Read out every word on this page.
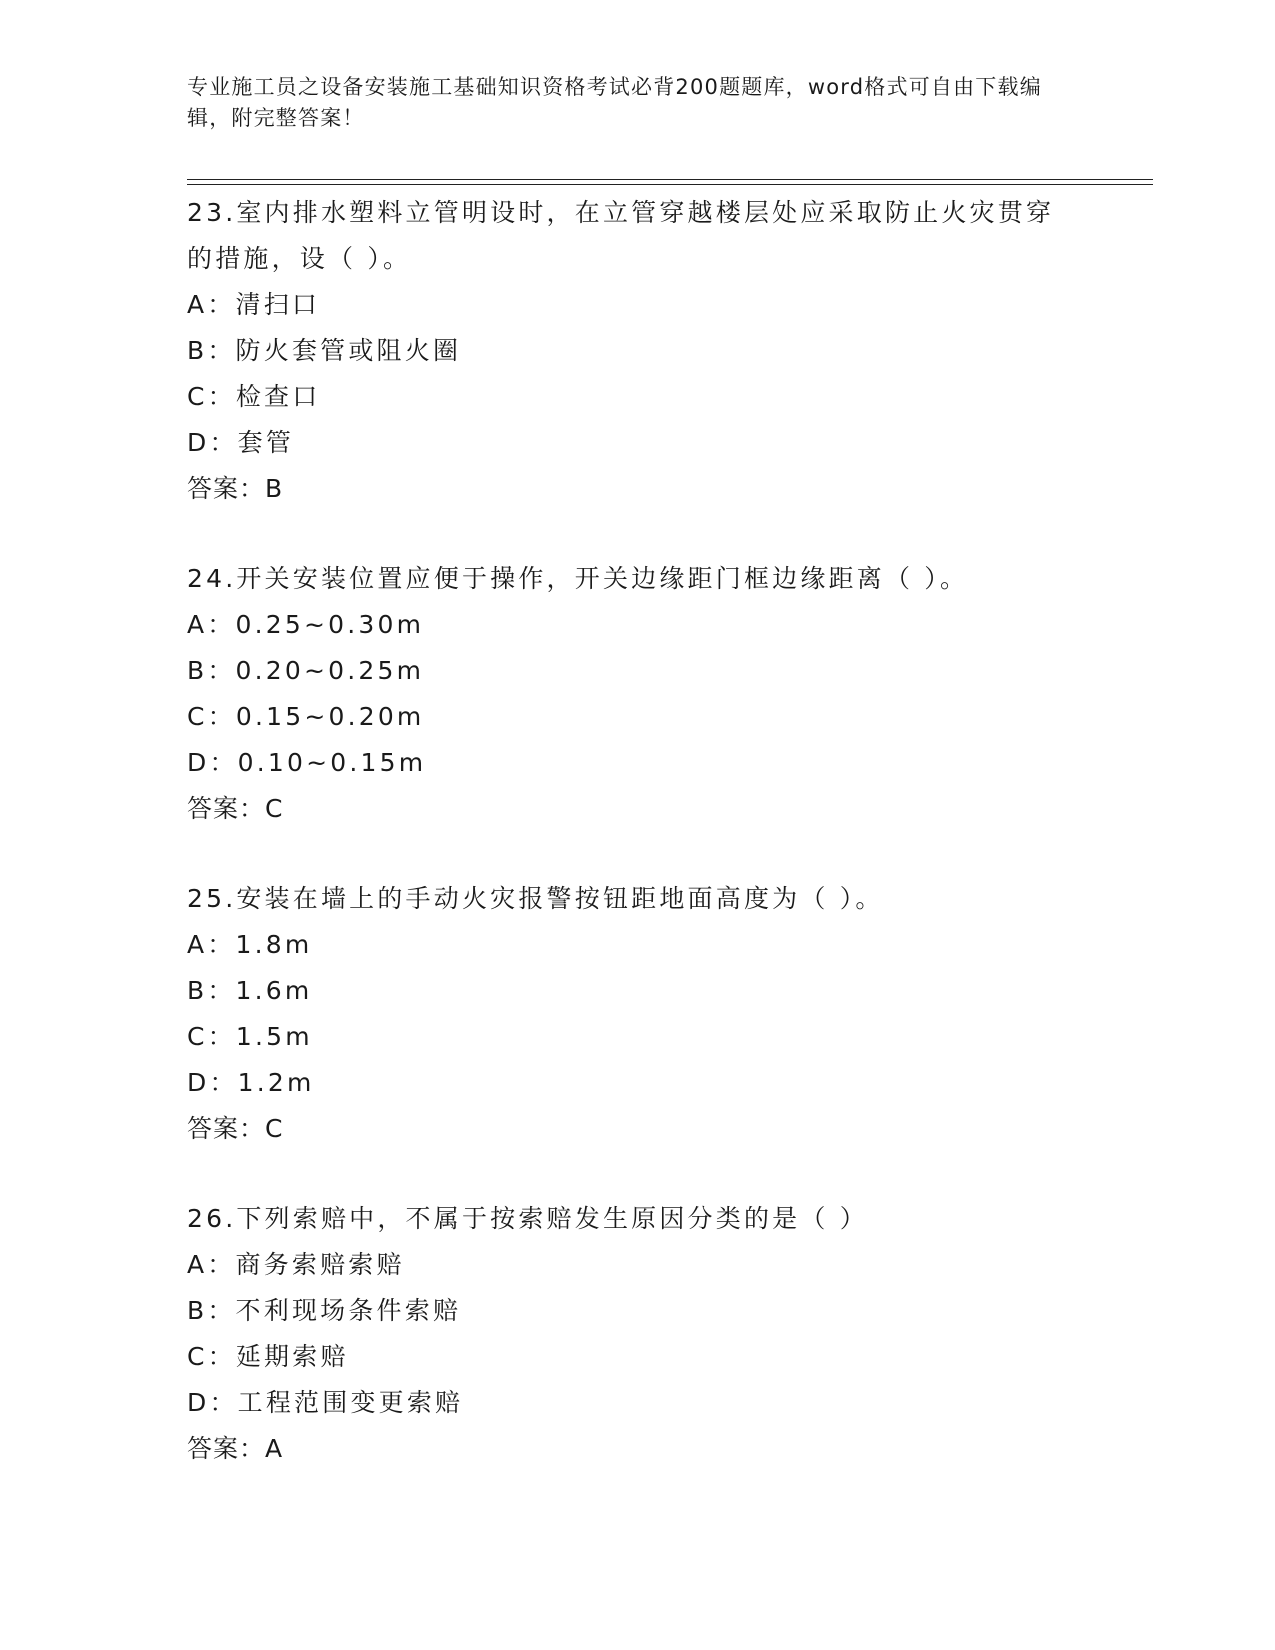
专业施工员之设备安装施工基础知识资格考试必背200题题库，word格式可自由下载编辑，附完整答案！

23.室内排水塑料立管明设时，在立管穿越楼层处应采取防止火灾贯穿

的措施，设（ ）。

A：清扫口

B：防火套管或阻火圈

C：检查口

D：套管

答案：B

24.开关安装位置应便于操作，开关边缘距门框边缘距离（ ）。

A：0.25~0.30m

B：0.20~0.25m

C：0.15~0.20m

D：0.10~0.15m

答案：C

25.安装在墙上的手动火灾报警按钮距地面高度为（ ）。

A：1.8m

B：1.6m

C：1.5m

D：1.2m

答案：C

26.下列索赔中，不属于按索赔发生原因分类的是（ ）

A：商务索赔索赔

B：不利现场条件索赔

C：延期索赔

D：工程范围变更索赔

答案：A
